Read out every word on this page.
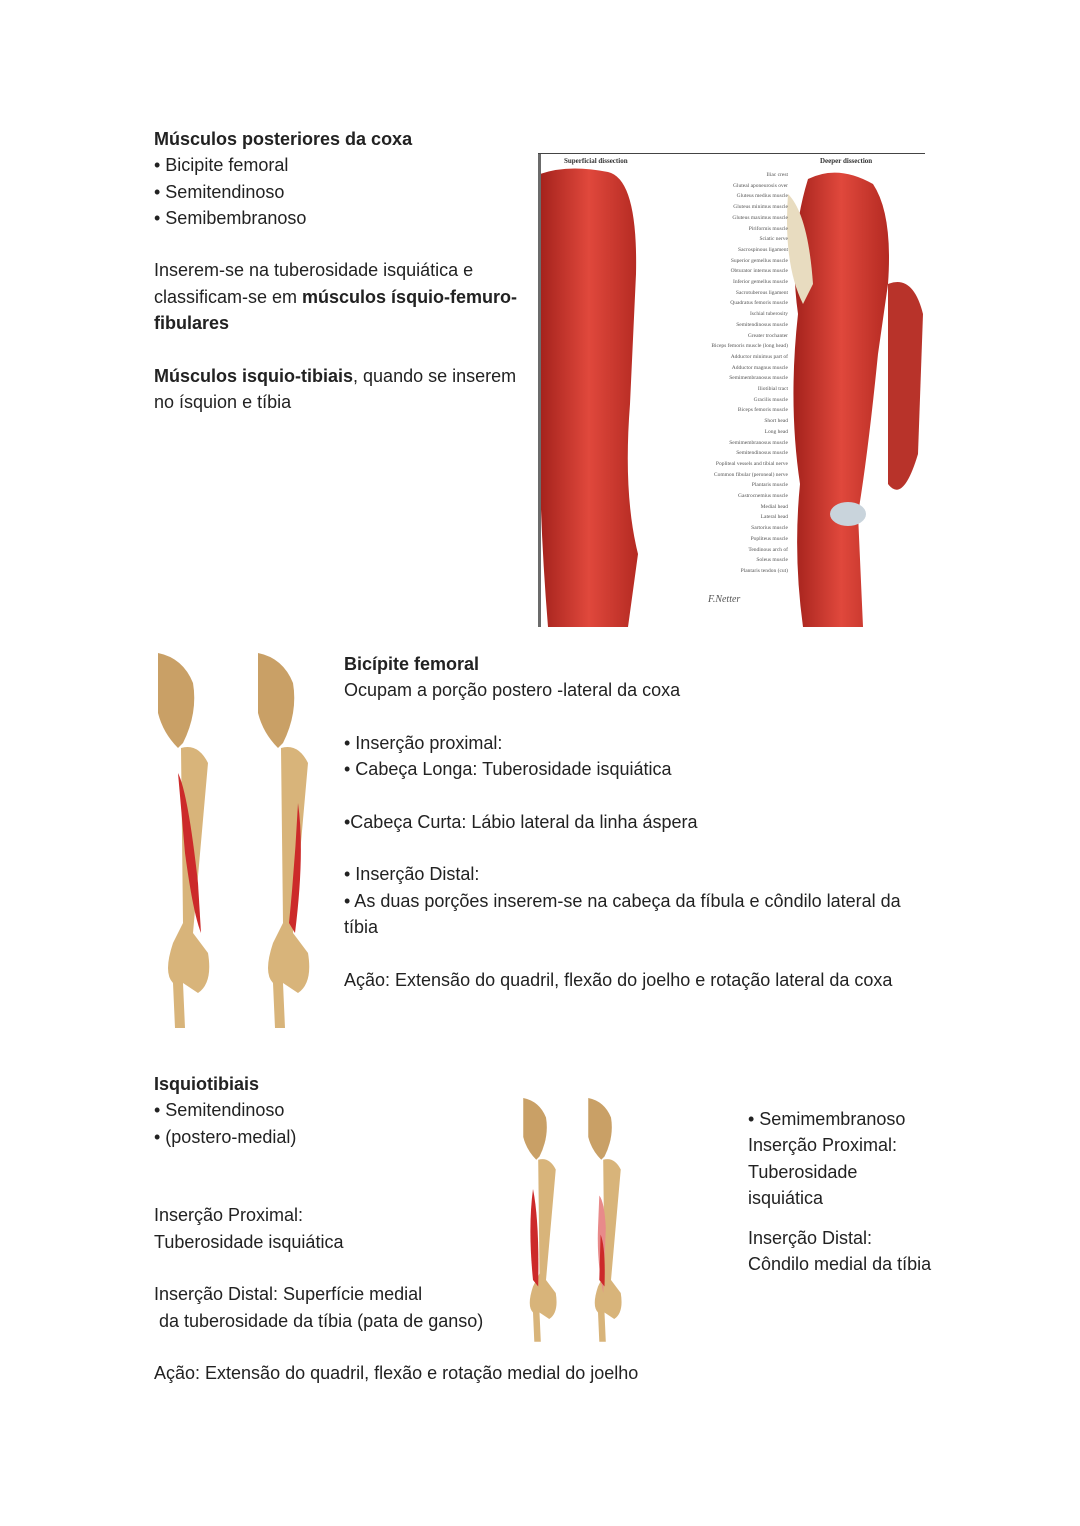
Músculos posteriores da coxa
• Bicipite femoral
• Semitendinoso
• Semibembranoso
Inserem-se na tuberosidade isquiática e
classificam-se em músculos ísquio-femuro-
fibulares
Músculos isquio-tibiais, quando se inserem
no ísquion e tíbia
Superficial dissection	Deeper dissection
Iliac crest
Gluteal aponeurosis over
Gluteus medius muscle
Gluteus minimus muscle
Gluteus maximus muscle
Piriformis muscle
Sciatic nerve
Sacrospinous ligament
Superior gemellus muscle
Obturator internus muscle
Inferior gemellus muscle
Sacrotuberous ligament
Quadratus femoris muscle
Ischial tuberosity
Semitendinosus muscle
Greater trochanter
Biceps femoris muscle (long head)
Adductor minimus part of
Adductor magnus muscle
Semimembranosus muscle
Iliotibial tract
Gracilis muscle
Biceps femoris muscle
Short head
Long head
Semimembranosus muscle
Semitendinosus muscle
Popliteal vessels and tibial nerve
Common fibular (peroneal) nerve
Plantaris muscle
Gastrocnemius muscle
Medial head
Lateral head
Sartorius muscle
Popliteus muscle
Tendinous arch of
Soleus muscle
Plantaris tendon (cut)
F.Netter
Bicípite femoral
Ocupam a porção postero -lateral da coxa
• Inserção proximal:
• Cabeça Longa: Tuberosidade isquiática
•Cabeça Curta: Lábio lateral da linha áspera
• Inserção Distal:
• As duas porções inserem-se na cabeça da fíbula e côndilo lateral da
tíbia
Ação: Extensão do quadril, flexão do joelho e rotação lateral da coxa
Isquiotibiais
• Semitendinoso
• (postero-medial)
Inserção Proximal:
Tuberosidade isquiática
Inserção Distal: Superfície medial
da tuberosidade da tíbia (pata de ganso)
Ação: Extensão do quadril, flexão e rotação medial do joelho
• Semimembranoso
Inserção Proximal:
Tuberosidade
isquiática
Inserção Distal:
Côndilo medial da tíbia
